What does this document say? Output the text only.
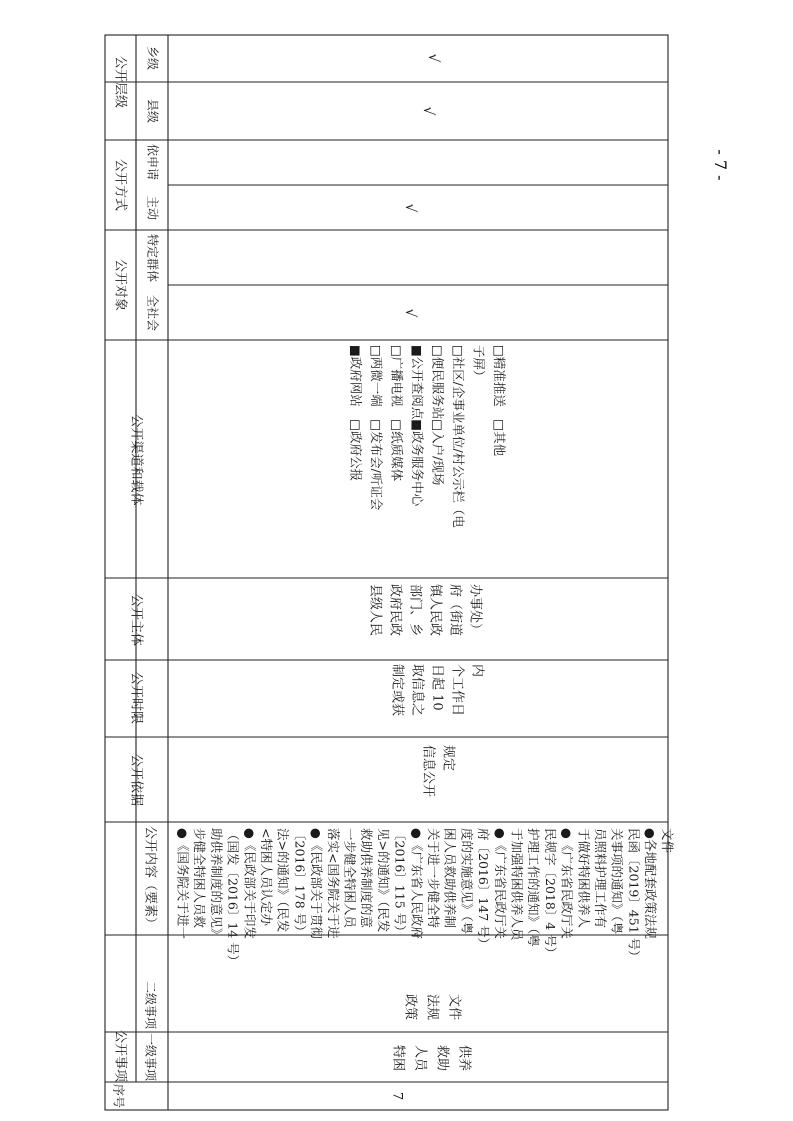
序号
公开事项 一级事项
二级事项
公开内容（要素）
公开依据
公开时限
公开主体
公开渠道和载体
公开对象
全社会
特定群体
公开方式 主动
依申请
公开层级
县级
乡级
7
特困 人员 救助 供养
政策 法规 文件
●《国务院关于进一 步健全特困人员救 助供养制度的意见》 （国发〔2016〕14 号） ●《民政部关于印发 <特困人员认定办 法>的通知》（民发 〔2016〕178 号） ●《民政部关于贯彻 落实<国务院关于进 一步健全特困人员 救助供养制度的意 见>的通知》（民发 〔2016〕115 号） ●《广东省人民政府 关于进一步健全特 困人员救助供养制 度的实施意见》（粤 府〔2016〕147 号） ●《广东省民政厅关 于加强特困供养人员 护理工作的通知》（粤 民规字〔2018〕4 号） ●《广东省民政厅关 于做好特困供养人 员照料护理工作有 关事项的通知》（粤 民函〔2019〕451 号） ●各地配套政策法规 文件
信息公开 规定
制定或获 取信息之 日起 10 个工作日 内
县级人民 政府民政 部门、乡 镇人民政 府（街道 办事处）
■政府网站　□政府公报 □两微一端　□发布会/听证会 □广播电视　□纸质媒体 ■公开查阅点■政务服务中心 □便民服务站□入户/现场 □社区/企事业单位/村公示栏（电 子屏） □精准推送　□其他
√
√
√
√
- 7 -
